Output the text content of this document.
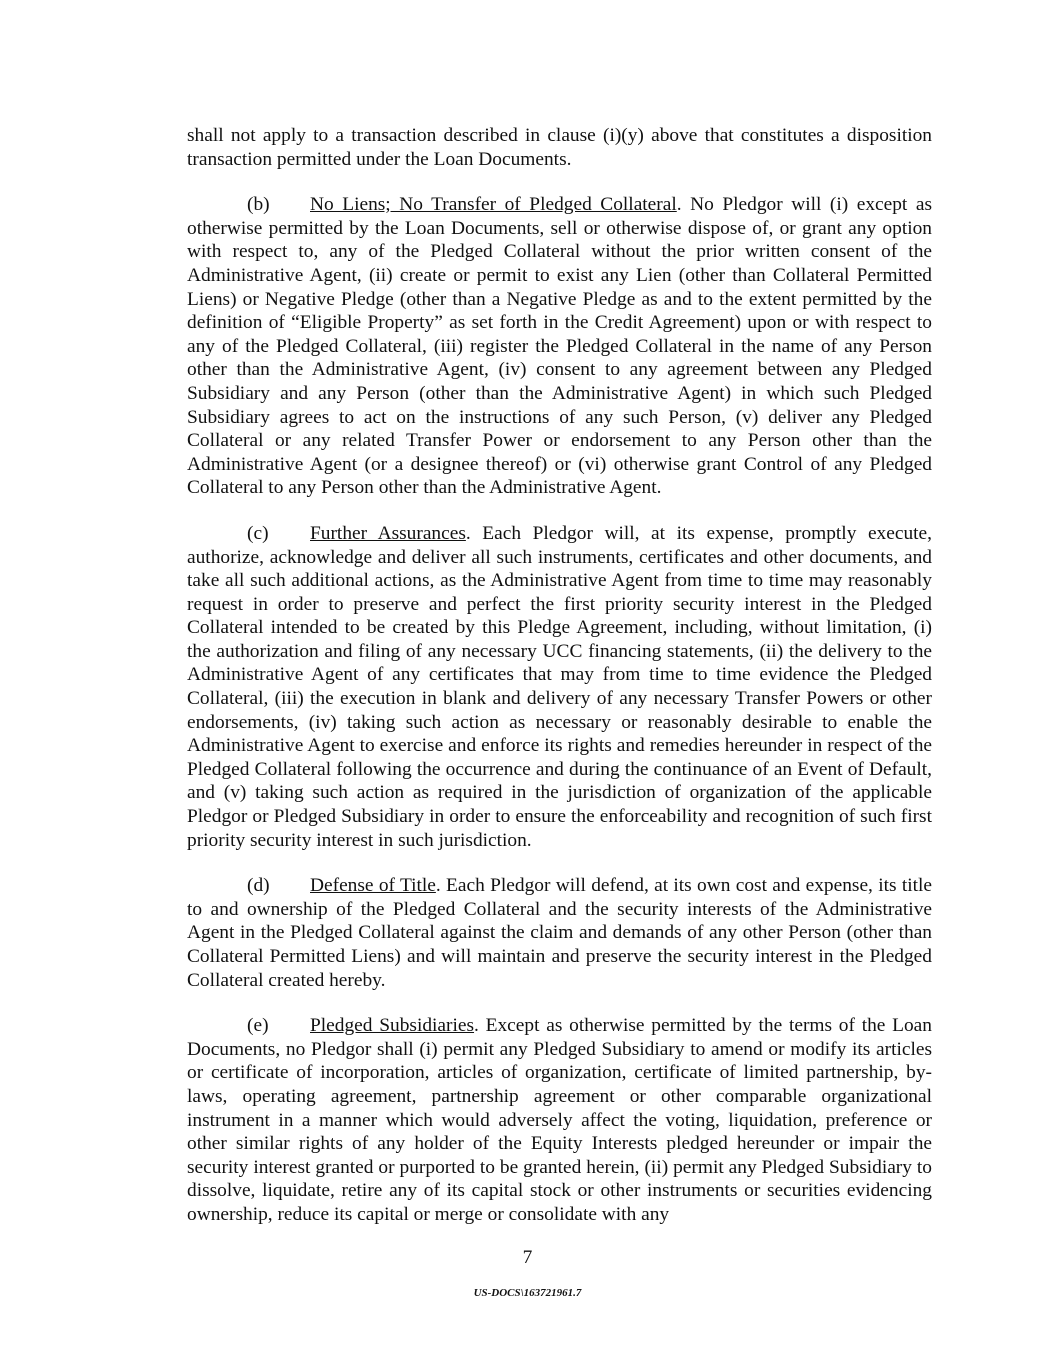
shall not apply to a transaction described in clause (i)(y) above that constitutes a disposition transaction permitted under the Loan Documents.

(b) No Liens; No Transfer of Pledged Collateral. No Pledgor will (i) except as otherwise permitted by the Loan Documents, sell or otherwise dispose of, or grant any option with respect to, any of the Pledged Collateral without the prior written consent of the Administrative Agent, (ii) create or permit to exist any Lien (other than Collateral Permitted Liens) or Negative Pledge (other than a Negative Pledge as and to the extent permitted by the definition of “Eligible Property” as set forth in the Credit Agreement) upon or with respect to any of the Pledged Collateral, (iii) register the Pledged Collateral in the name of any Person other than the Administrative Agent, (iv) consent to any agreement between any Pledged Subsidiary and any Person (other than the Administrative Agent) in which such Pledged Subsidiary agrees to act on the instructions of any such Person, (v) deliver any Pledged Collateral or any related Transfer Power or endorsement to any Person other than the Administrative Agent (or a designee thereof) or (vi) otherwise grant Control of any Pledged Collateral to any Person other than the Administrative Agent.

(c) Further Assurances. Each Pledgor will, at its expense, promptly execute, authorize, acknowledge and deliver all such instruments, certificates and other documents, and take all such additional actions, as the Administrative Agent from time to time may reasonably request in order to preserve and perfect the first priority security interest in the Pledged Collateral intended to be created by this Pledge Agreement, including, without limitation, (i) the authorization and filing of any necessary UCC financing statements, (ii) the delivery to the Administrative Agent of any certificates that may from time to time evidence the Pledged Collateral, (iii) the execution in blank and delivery of any necessary Transfer Powers or other endorsements, (iv) taking such action as necessary or reasonably desirable to enable the Administrative Agent to exercise and enforce its rights and remedies hereunder in respect of the Pledged Collateral following the occurrence and during the continuance of an Event of Default, and (v) taking such action as required in the jurisdiction of organization of the applicable Pledgor or Pledged Subsidiary in order to ensure the enforceability and recognition of such first priority security interest in such jurisdiction.

(d) Defense of Title. Each Pledgor will defend, at its own cost and expense, its title to and ownership of the Pledged Collateral and the security interests of the Administrative Agent in the Pledged Collateral against the claim and demands of any other Person (other than Collateral Permitted Liens) and will maintain and preserve the security interest in the Pledged Collateral created hereby.

(e) Pledged Subsidiaries. Except as otherwise permitted by the terms of the Loan Documents, no Pledgor shall (i) permit any Pledged Subsidiary to amend or modify its articles or certificate of incorporation, articles of organization, certificate of limited partnership, by-laws, operating agreement, partnership agreement or other comparable organizational instrument in a manner which would adversely affect the voting, liquidation, preference or other similar rights of any holder of the Equity Interests pledged hereunder or impair the security interest granted or purported to be granted herein, (ii) permit any Pledged Subsidiary to dissolve, liquidate, retire any of its capital stock or other instruments or securities evidencing ownership, reduce its capital or merge or consolidate with any

7
US-DOCS\163721961.7
